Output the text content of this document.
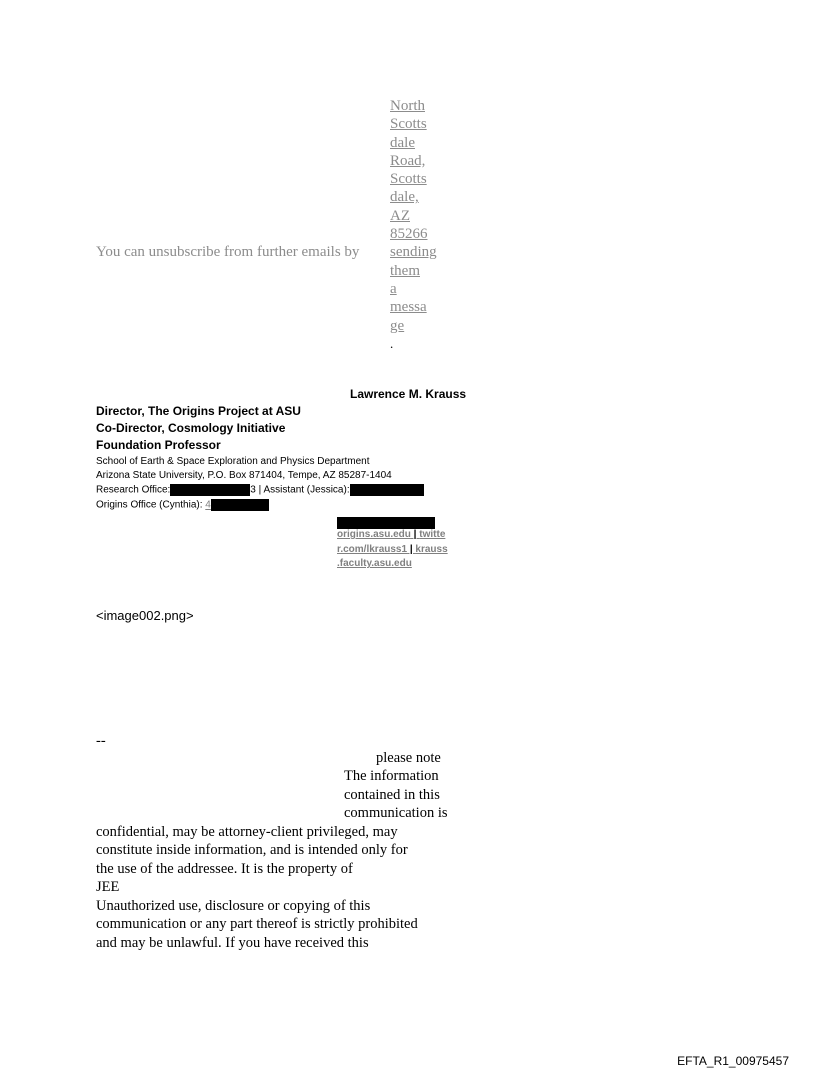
You can unsubscribe from further emails by
North
Scotts
dale
Road,
Scotts
dale,
AZ
85266
sending
them
a
messa
ge
.
Lawrence M. Krauss
Director, The Origins Project at ASU
Co-Director, Cosmology Initiative
Foundation Professor
School of Earth & Space Exploration and Physics Department
Arizona State University, P.O. Box 871404, Tempe, AZ 85287-1404
Research Office:	3 | Assistant (Jessica):
Origins Office (Cynthia): 4
origins.asu.edu | twitte
r.com/lkrauss1 | krauss
.faculty.asu.edu
<image002.png>
--
please note
The information
contained in this
communication is
confidential, may be attorney-client privileged, may
constitute inside information, and is intended only for
the use of the addressee. It is the property of
JEE
Unauthorized use, disclosure or copying of this
communication or any part thereof is strictly prohibited
and may be unlawful. If you have received this
EFTA_R1_00975457
